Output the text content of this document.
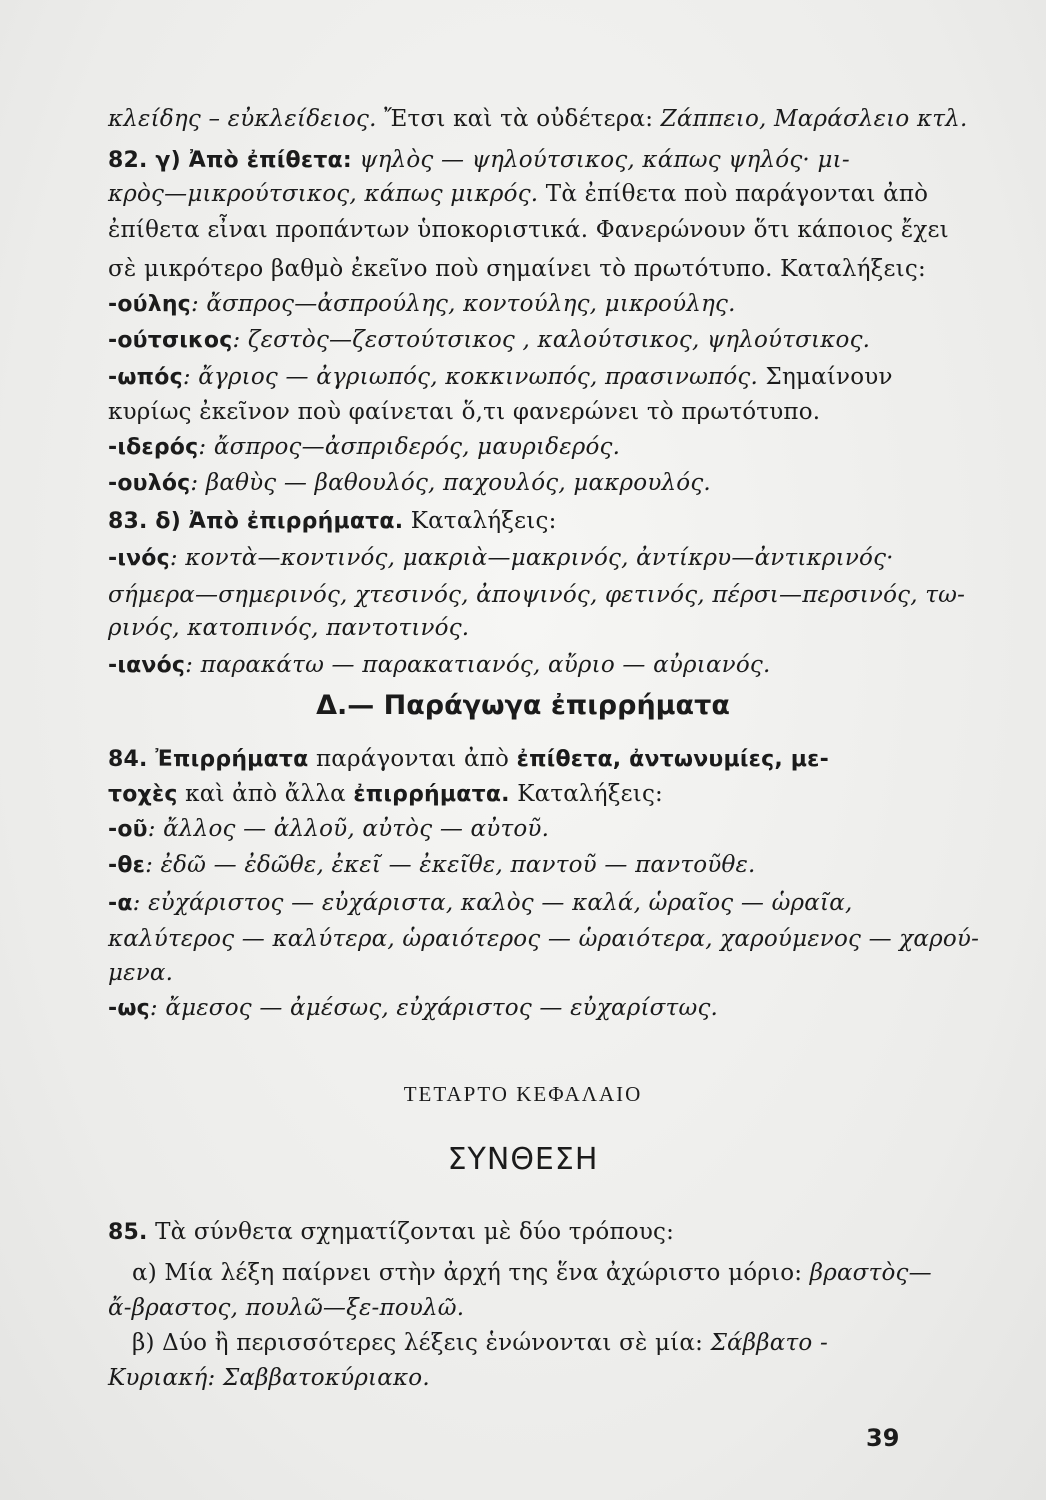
κλείδης – εὐκλείδειος. Ἔτσι καὶ τὰ οὐδέτερα: Ζάππειο, Μαράσλειο κτλ.
82. γ) Ἀπὸ ἐπίθετα: ψηλὸς — ψηλούτσικος, κάπως ψηλός· μι-
κρὸς—μικρούτσικος, κάπως μικρός. Τὰ ἐπίθετα ποὺ παράγονται ἀπὸ
ἐπίθετα εἶναι προπάντων ὑποκοριστικά. Φανερώνουν ὅτι κάποιος ἔχει
σὲ μικρότερο βαθμὸ ἐκεῖνο ποὺ σημαίνει τὸ πρωτότυπο. Καταλήξεις:
-ούλης: ἄσπρος—ἀσπρούλης, κοντούλης, μικρούλης.
-ούτσικος: ζεστὸς—ζεστούτσικος , καλούτσικος, ψηλούτσικος.
-ωπός: ἄγριος — ἀγριωπός, κοκκινωπός, πρασινωπός. Σημαίνουν
κυρίως ἐκεῖνον ποὺ φαίνεται ὅ,τι φανερώνει τὸ πρωτότυπο.
-ιδερός: ἄσπρος—ἀσπριδερός, μαυριδερός.
-ουλός: βαθὺς — βαθουλός, παχουλός, μακρουλός.
83. δ) Ἀπὸ ἐπιρρήματα. Καταλήξεις:
-ινός: κοντὰ—κοντινός, μακριὰ—μακρινός, ἀντίκρυ—ἀντικρινός·
σήμερα—σημερινός, χτεσινός, ἀποψινός, φετινός, πέρσι—περσινός, τω-
ρινός, κατοπινός, παντοτινός.
-ιανός: παρακάτω — παρακατιανός, αὔριο — αὐριανός.
Δ.— Παράγωγα ἐπιρρήματα
84. Ἐπιρρήματα παράγονται ἀπὸ ἐπίθετα, ἀντωνυμίες, με-
τοχὲς καὶ ἀπὸ ἄλλα ἐπιρρήματα. Καταλήξεις:
-οῦ: ἄλλος — ἀλλοῦ, αὐτὸς — αὐτοῦ.
-θε: ἐδῶ — ἐδῶθε, ἐκεῖ — ἐκεῖθε, παντοῦ — παντοῦθε.
-α: εὐχάριστος — εὐχάριστα, καλὸς — καλά, ὡραῖος — ὡραῖα,
καλύτερος — καλύτερα, ὡραιότερος — ὡραιότερα, χαρούμενος — χαρού-
μενα.
-ως: ἄμεσος — ἀμέσως, εὐχάριστος — εὐχαρίστως.
ΤΕΤΑΡΤΟ ΚΕΦΑΛΑΙΟ
ΣΥΝΘΕΣΗ
85. Τὰ σύνθετα σχηματίζονται μὲ δύο τρόπους:
α) Μία λέξη παίρνει στὴν ἀρχή της ἕνα ἀχώριστο μόριο: βραστὸς—
ἄ-βραστος, πουλῶ—ξε-πουλῶ.
β) Δύο ἢ περισσότερες λέξεις ἑνώνονται σὲ μία: Σάββατο -
Κυριακή: Σαββατοκύριακο.
39
